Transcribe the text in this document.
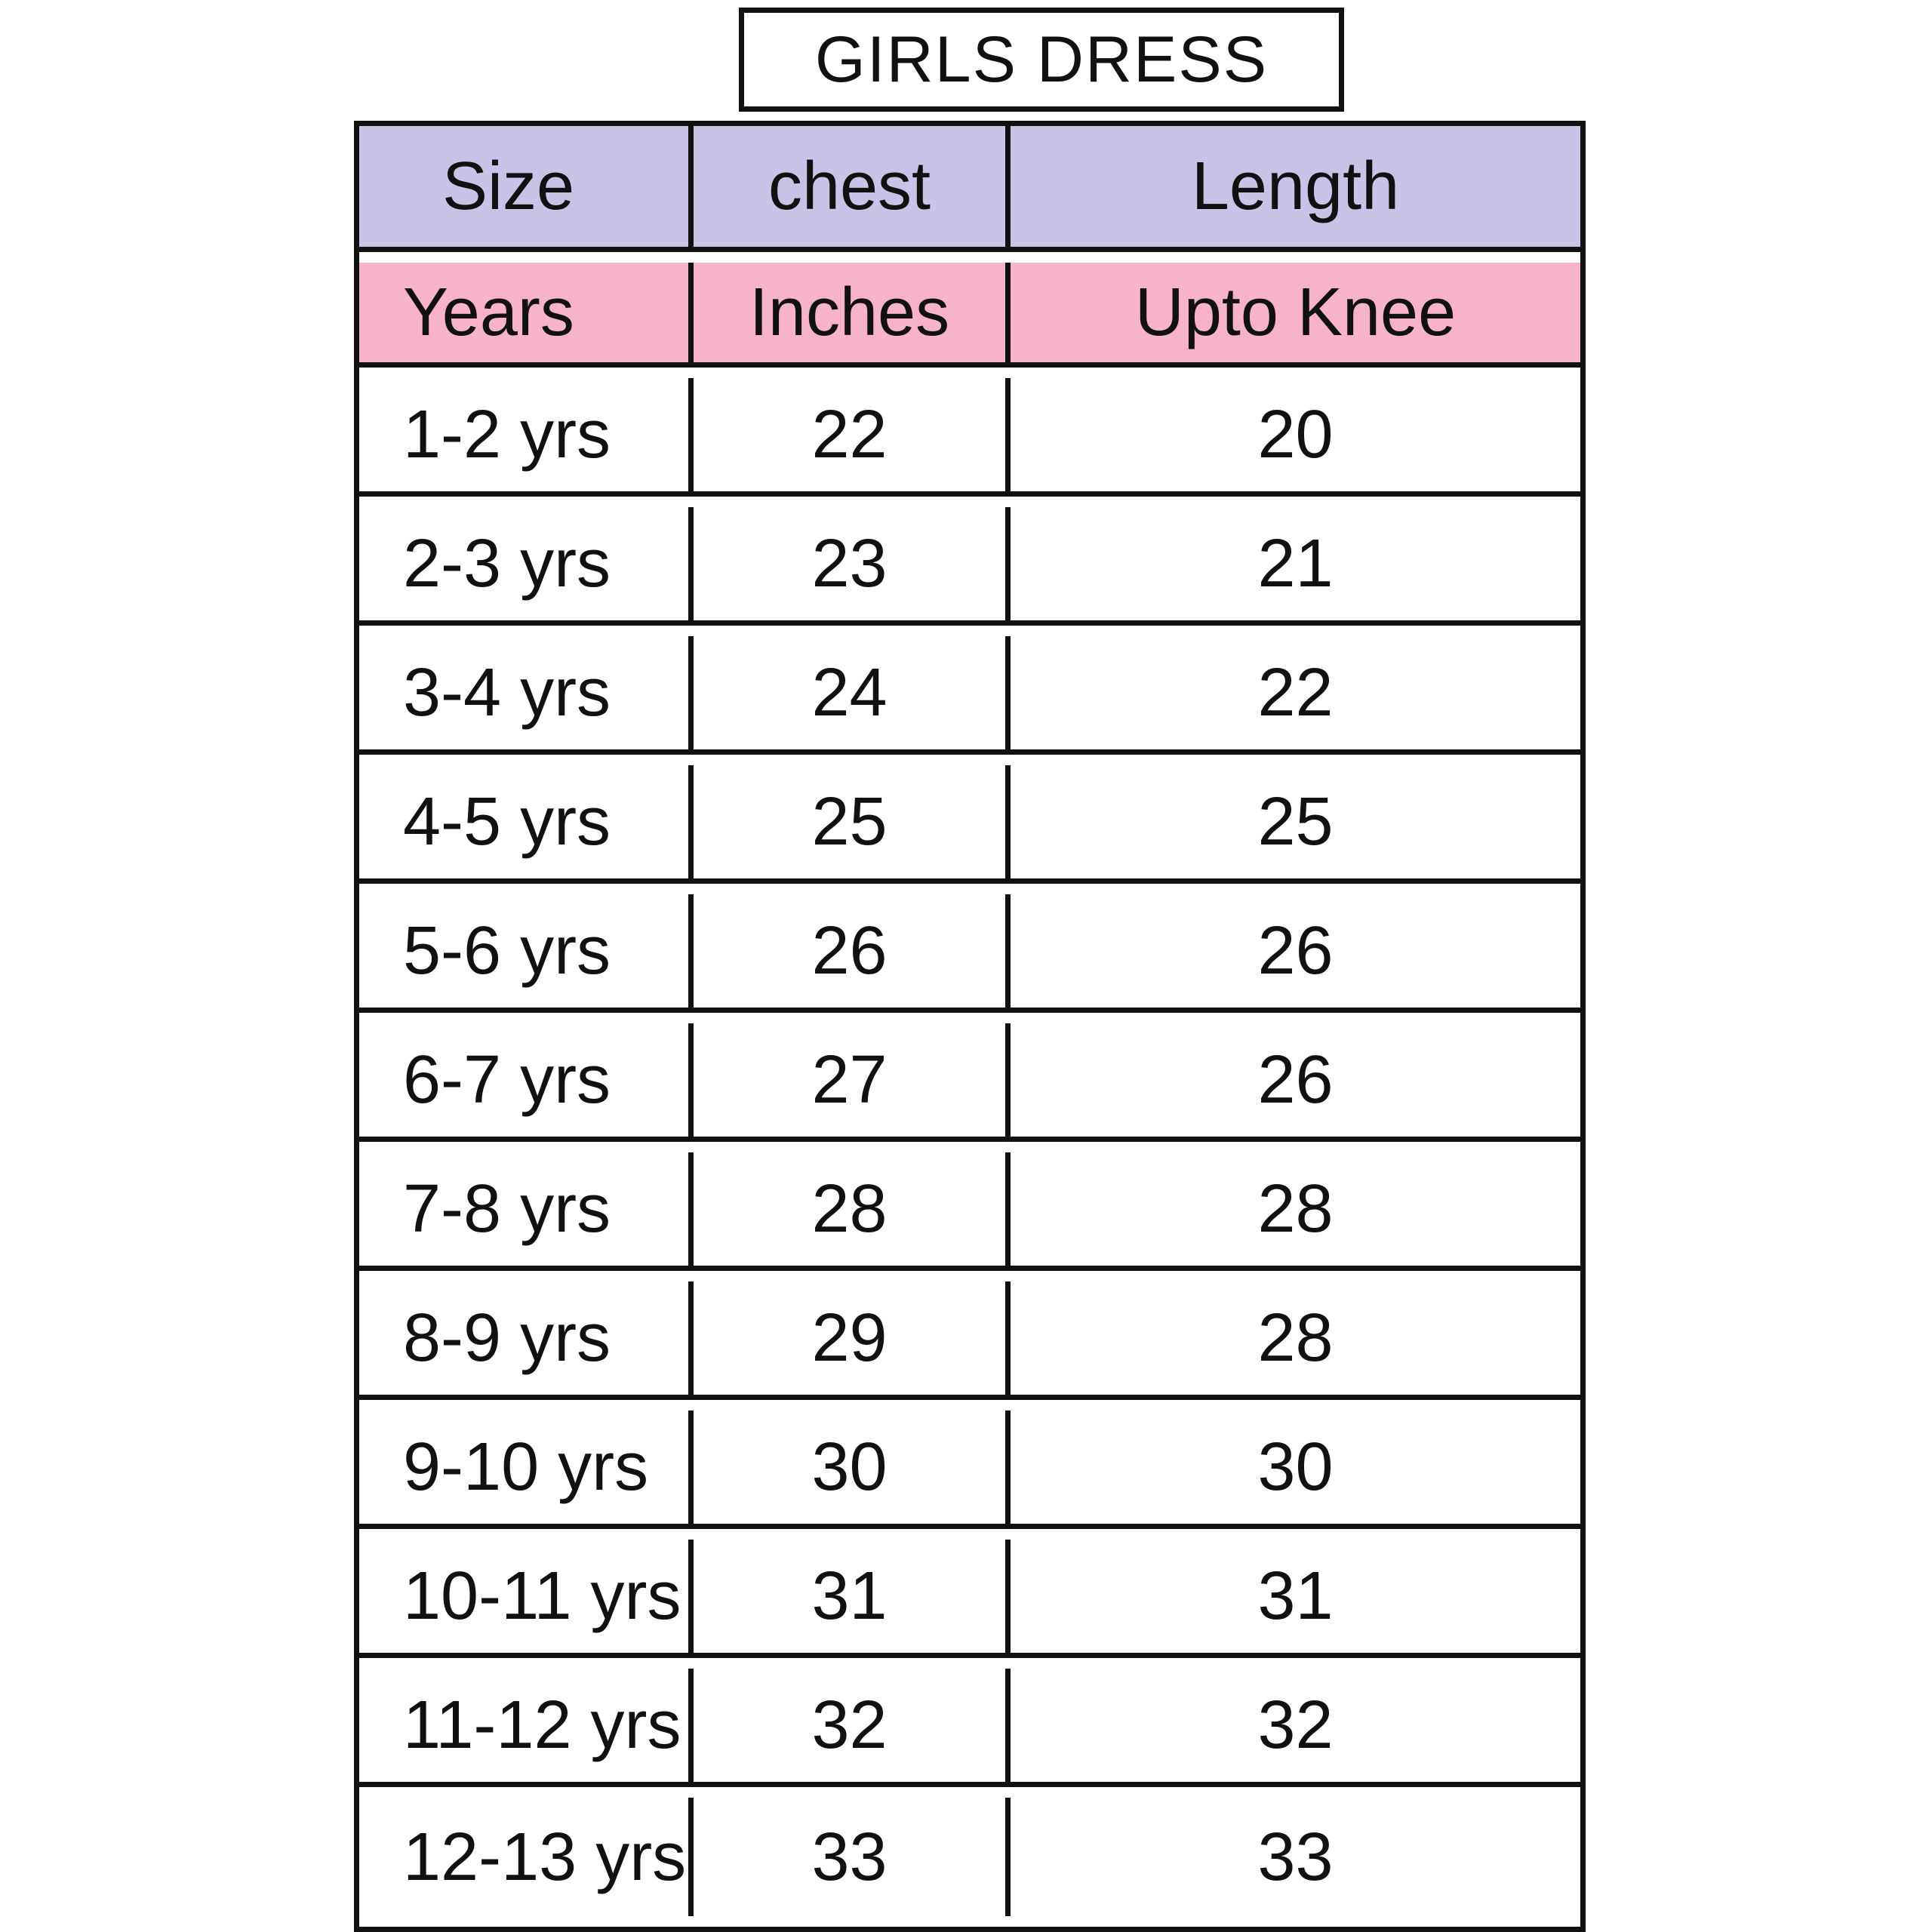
GIRLS DRESS
Size	chest	Length
Years	Inches	Upto Knee
1-2 yrs	22	20
2-3 yrs	23	21
3-4 yrs	24	22
4-5 yrs	25	25
5-6 yrs	26	26
6-7 yrs	27	26
7-8 yrs	28	28
8-9 yrs	29	28
9-10 yrs	30	30
10-11 yrs	31	31
11-12 yrs	32	32
12-13 yrs	33	33
